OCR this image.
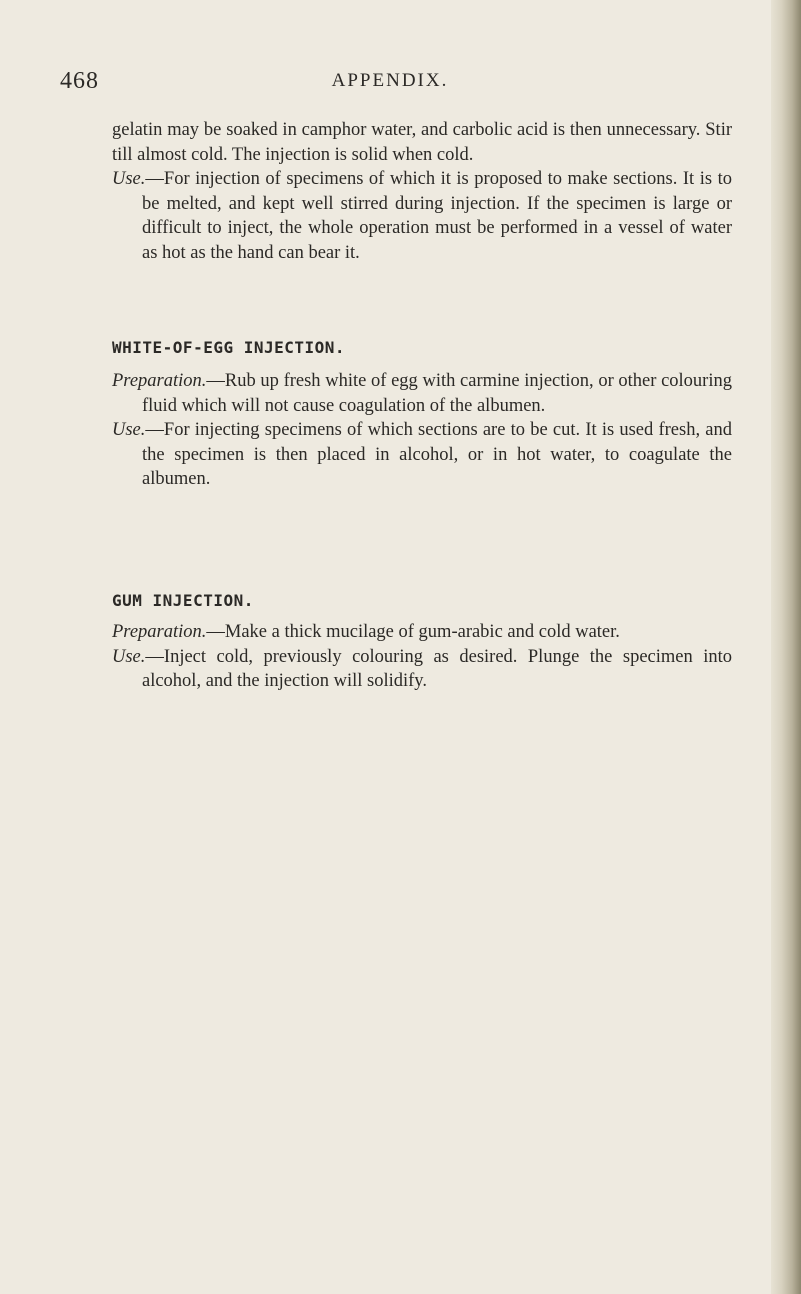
468	APPENDIX.

gelatin may be soaked in camphor water, and carbolic acid is then unnecessary. Stir till almost cold. The injection is solid when cold.

Use.—For injection of specimens of which it is proposed to make sections. It is to be melted, and kept well stirred during injection. If the specimen is large or difficult to inject, the whole operation must be performed in a vessel of water as hot as the hand can bear it.

WHITE-OF-EGG INJECTION.

Preparation.—Rub up fresh white of egg with carmine injection, or other colouring fluid which will not cause coagulation of the albumen.

Use.—For injecting specimens of which sections are to be cut. It is used fresh, and the specimen is then placed in alcohol, or in hot water, to coagulate the albumen.

GUM INJECTION.

Preparation.—Make a thick mucilage of gum-arabic and cold water.

Use.—Inject cold, previously colouring as desired. Plunge the specimen into alcohol, and the injection will solidify.
